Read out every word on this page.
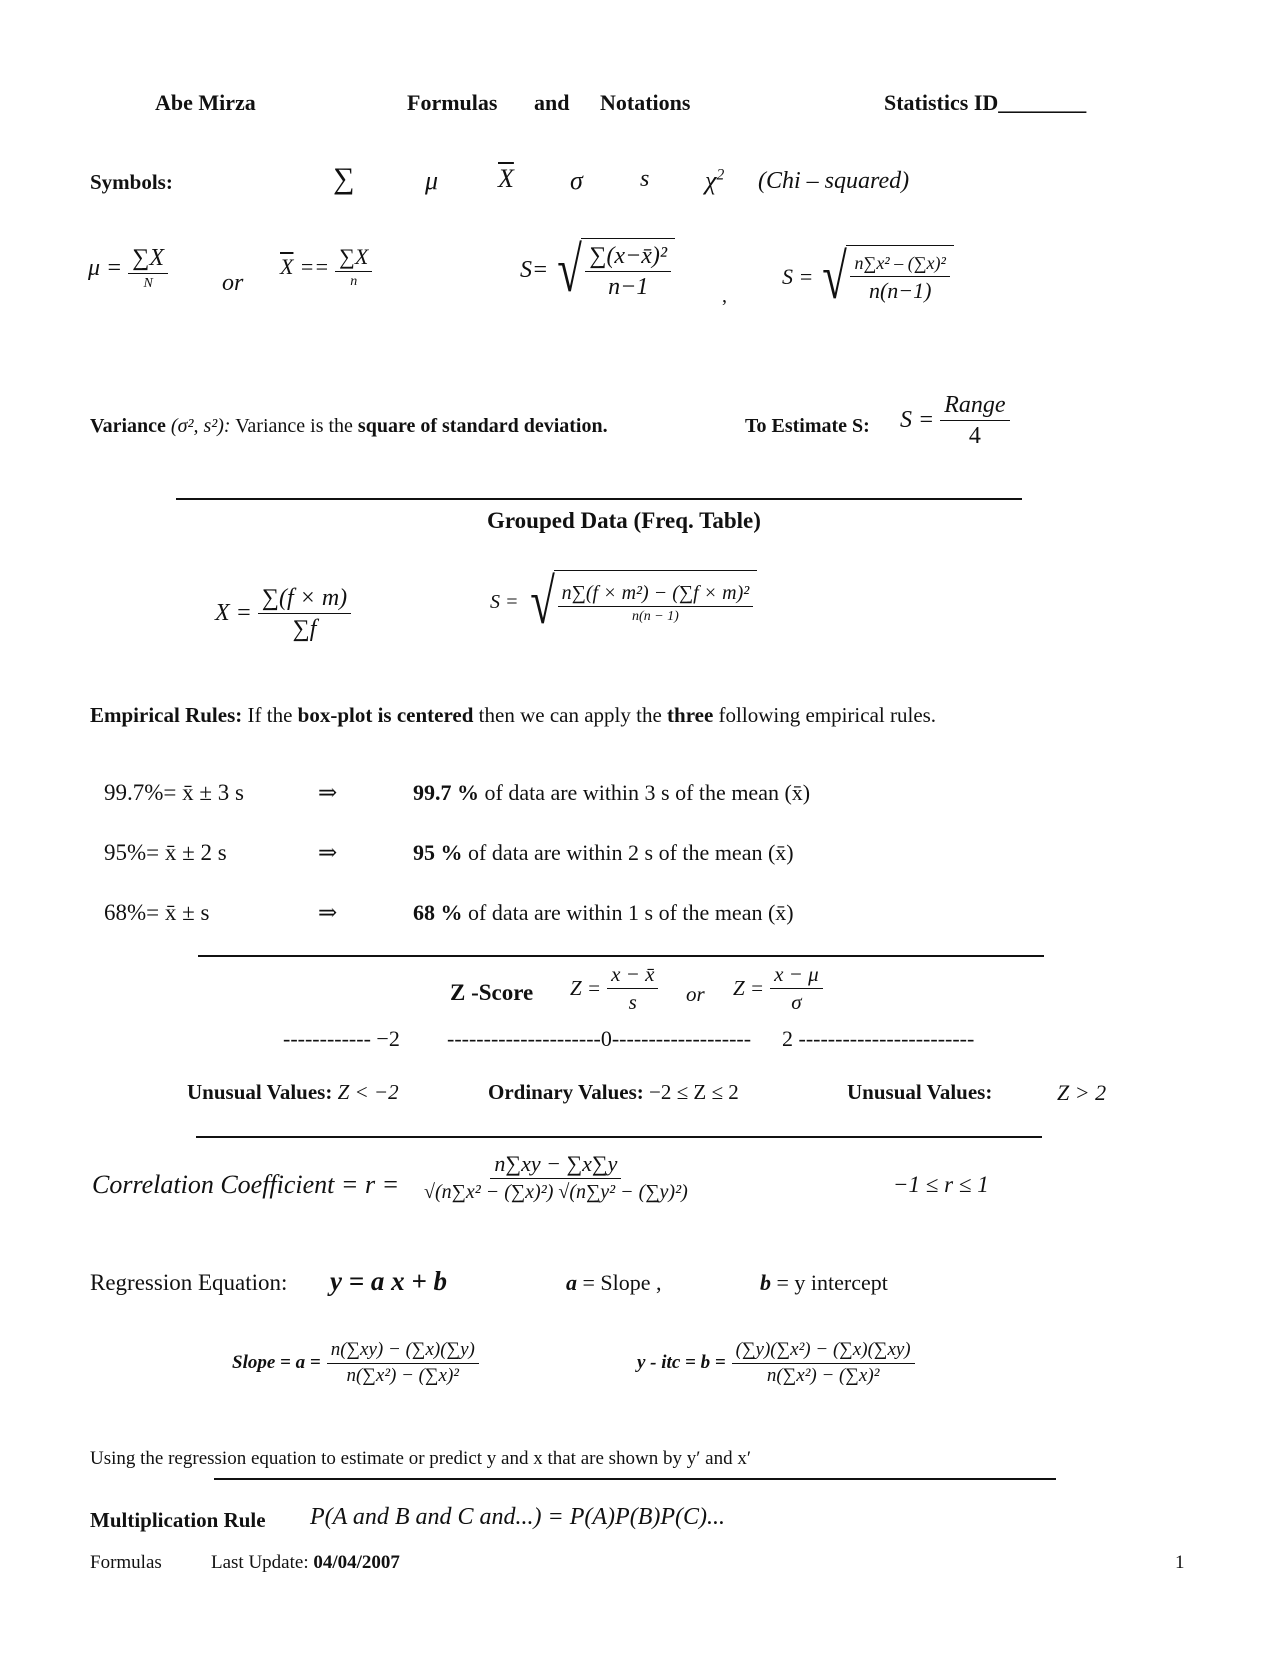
Abe Mirza	Formulas and Notations	Statistics ID________
Symbols:	∑	μ $\overline{X}$ σ s $\chi^2$ (Chi – squared)
$\mu = \frac{\sum X}{N}$ or
$\overline{X} == \frac{\sum X}{n}$	S= √ $\frac{\text{∑(x−x̄)²}}{n-1}$	,
S = √ $\frac{\text{n∑x² – (∑x)²}}{n(n-1)}$
Variance (σ², s²): Variance is the square of standard deviation.	To Estimate S: $S = \frac{\text{Range}}{4}$
Grouped Data (Freq. Table)
$X = \frac{\sum(f \times m)}{\sum f}$	S = √ $\frac{\text{n∑(f × m²) − (∑f × m)²}}{n(n - 1)}$
Empirical Rules: If the box-plot is centered then we can apply the three following empirical rules.
99.7%= x̄ ± 3 s	⇒	99.7 % of data are within 3 s of the mean (x̄)
95%= x̄ ± 2 s	⇒	95 % of data are within 2 s of the mean (x̄)
68%= x̄ ± s	⇒	68 % of data are within 1 s of the mean (x̄)
Z -Score $Z = \frac{x - x̄}{s}$ or $Z = \frac{x - \mu}{\sigma}$
------------ −2 ---------------------0------------------- 2 ------------------------
Unusual Values: Z < −2	Ordinary Values: −2 ≤ Z ≤ 2	Unusual Values:	Z > 2
Correlation Coefficient = $r = \frac{n\sum xy - \sum x\sum y}{\text{√(n∑x² − (∑x)²) √(n∑y² − (∑y)²)}}$	−1 ≤ r ≤ 1
Regression Equation: y = a x + b	a = Slope ,	b = y intercept
Slope = $a = \frac{n(\sum xy) - (\sum x)(\sum y)}{\text{n(∑x²) − (∑x)²}}$	y - itc = $b = \frac{\text{(∑y)(∑x²) − (∑x)(∑xy)}}{\text{n(∑x²) − (∑x)²}}$
Using the regression equation to estimate or predict y and x that are shown by y′ and x′
Multiplication Rule P(A and B and C and...) = P(A)P(B)P(C)...
Formulas	Last Update: 04/04/2007	1
